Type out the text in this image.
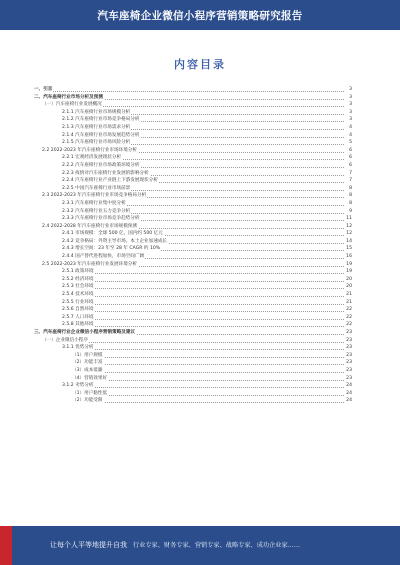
汽车座椅企业微信小程序营销策略研究报告
内容目录
一、引言	3
二、汽车座椅行业市场分析及预测	3
（一）汽车座椅行业发展概况	3
2.1.1 汽车座椅行业市场规模分析	3
2.1.2 汽车座椅行业市场竞争格局分析	3
2.1.3 汽车座椅行业市场需求分析	4
2.1.4 汽车座椅行业市场发展趋势分析	4
2.1.5 汽车座椅行业市场风险分析	5
2.2 2022-2023 年汽车座椅行业市场环境分析	6
2.2.1 宏观经济发展现状分析	6
2.2.2 汽车座椅行业市场政策环境分析	6
2.2.3 疫情对汽车座椅行业发展的影响分析	7
2.2.4 汽车座椅行业产业链上下游发展现状分析	7
2.2.5 中国汽车座椅行业市场前景	8
2.3 2022-2023 年汽车座椅行业市场竞争格局分析	8
2.3.1 汽车座椅行业集中度分析	8
2.3.2 汽车座椅行业五力竞争分析	9
2.3.3 汽车座椅行业市场竞争趋势分析	11
2.4 2022-2028 年汽车座椅行业市场规模预测	12
2.4.1 市场规模：全球 500 亿，国内约 500 亿元	12
2.4.2 竞争格局：外资主导市场，本土企业加速成长	14
2.4.3 增长空间：23 年至 28 年 CAGR 约 10%	15
2.4.4 国产替代进程加快，市场空间广阔	16
2.5 2022-2023 年汽车座椅行业发展环境分析	19
2.5.1 政策环境	19
2.5.2 经济环境	20
2.5.3 社会环境	20
2.5.4 技术环境	21
2.5.5 行业环境	21
2.5.6 自然环境	22
2.5.7 人口环境	22
2.5.8 其他环境	22
三、汽车座椅行业企业微信小程序营销策略及建议	23
（一）企业微信小程序	23
3.1.1 优势分析	23
（1）用户规模	23
（2）功能丰富	23
（3）成本低廉	23
（4）营销效果好	23
3.1.2 劣势分析	24
（1）用户黏性低	24
（2）功能受限	24
让每个人平等地提升自我 行业专家、财务专家、营销专家、战略专家、成功企业家……
